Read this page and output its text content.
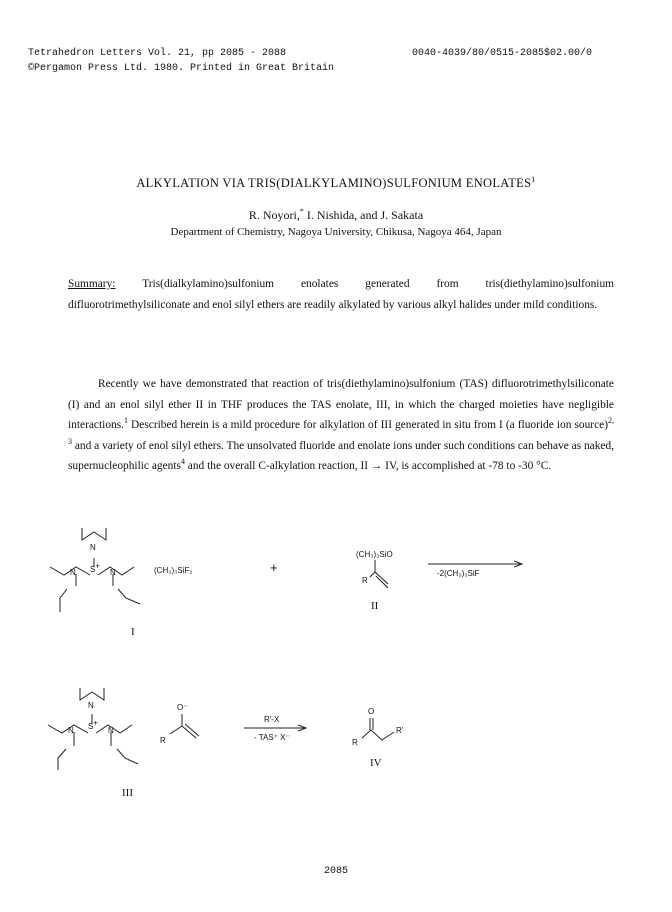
Tetrahedron Letters Vol. 21, pp 2085 - 2088
©Pergamon Press Ltd. 1980. Printed in Great Britain
0040-4039/80/0515-2085$02.00/0
ALKYLATION VIA TRIS(DIALKYLAMINO)SULFONIUM ENOLATES$^1$
R. Noyori,* I. Nishida, and J. Sakata
Department of Chemistry, Nagoya University, Chikusa, Nagoya 464, Japan
Summary: Tris(dialkylamino)sulfonium enolates generated from tris(diethylamino)sulfonium difluorotrimethylsiliconate and enol silyl ethers are readily alkylated by various alkyl halides under mild conditions.
Recently we have demonstrated that reaction of tris(diethylamino)sulfonium (TAS) difluorotrimethylsiliconate (I) and an enol silyl ether II in THF produces the TAS enolate, III, in which the charged moieties have negligible interactions.$^1$ Described herein is a mild procedure for alkylation of III generated in situ from I (a fluoride ion source)$^{2, 3}$ and a variety of enol silyl ethers. The unsolvated fluoride and enolate ions under such conditions can behave as naked, supernucleophilic agents$^4$ and the overall C-alkylation reaction, II → IV, is accomplished at -78 to -30 °C.
N
S+
N	N	(CH₃)₃SiF₂	+
(CH₃)₃SiO
R
-2(CH₃)₃SiF
I
II
N
S+
N	N
O⁻
R
R'-X
- TAS⁺ X⁻
O
R
R'
IV
III
2085
